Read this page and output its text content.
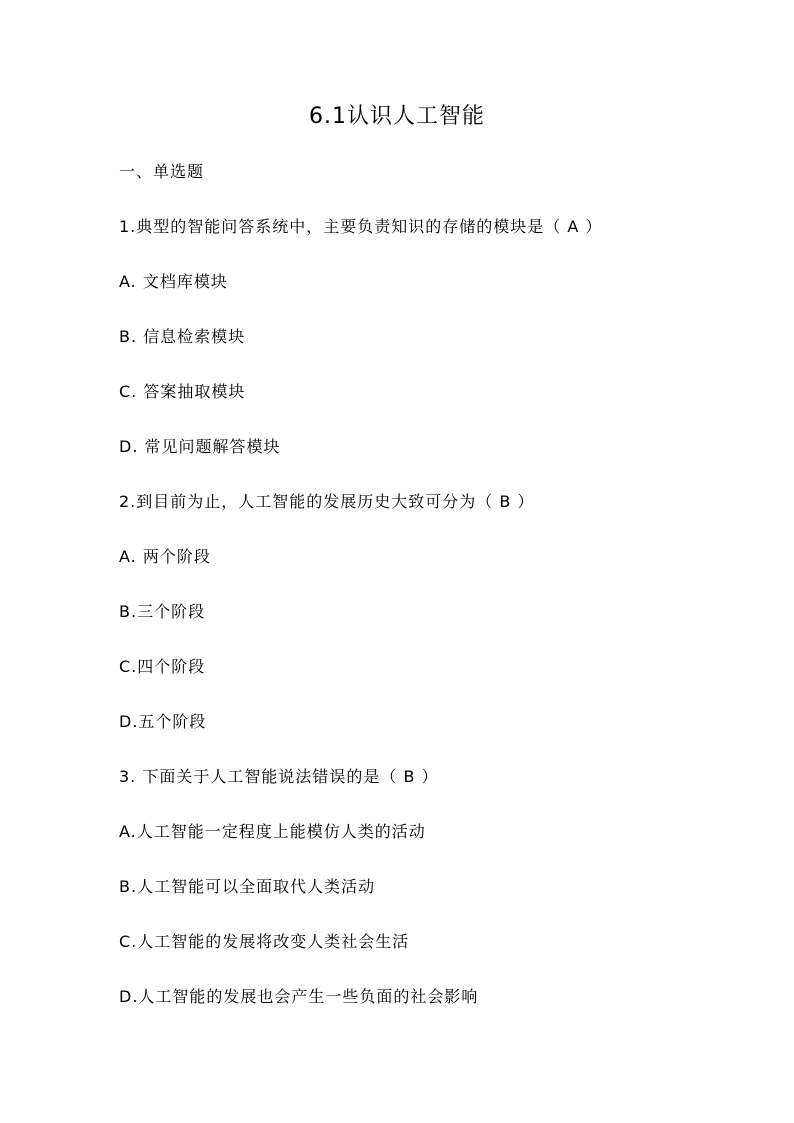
6.1认识人工智能
一、单选题
1.典型的智能问答系统中，主要负责知识的存储的模块是（ A ）
A. 文档库模块
B. 信息检索模块
C. 答案抽取模块
D. 常见问题解答模块
2.到目前为止，人工智能的发展历史大致可分为（ B ）
A. 两个阶段
B.三个阶段
C.四个阶段
D.五个阶段
3. 下面关于人工智能说法错误的是（ B ）
A.人工智能一定程度上能模仿人类的活动
B.人工智能可以全面取代人类活动
C.人工智能的发展将改变人类社会生活
D.人工智能的发展也会产生一些负面的社会影响
